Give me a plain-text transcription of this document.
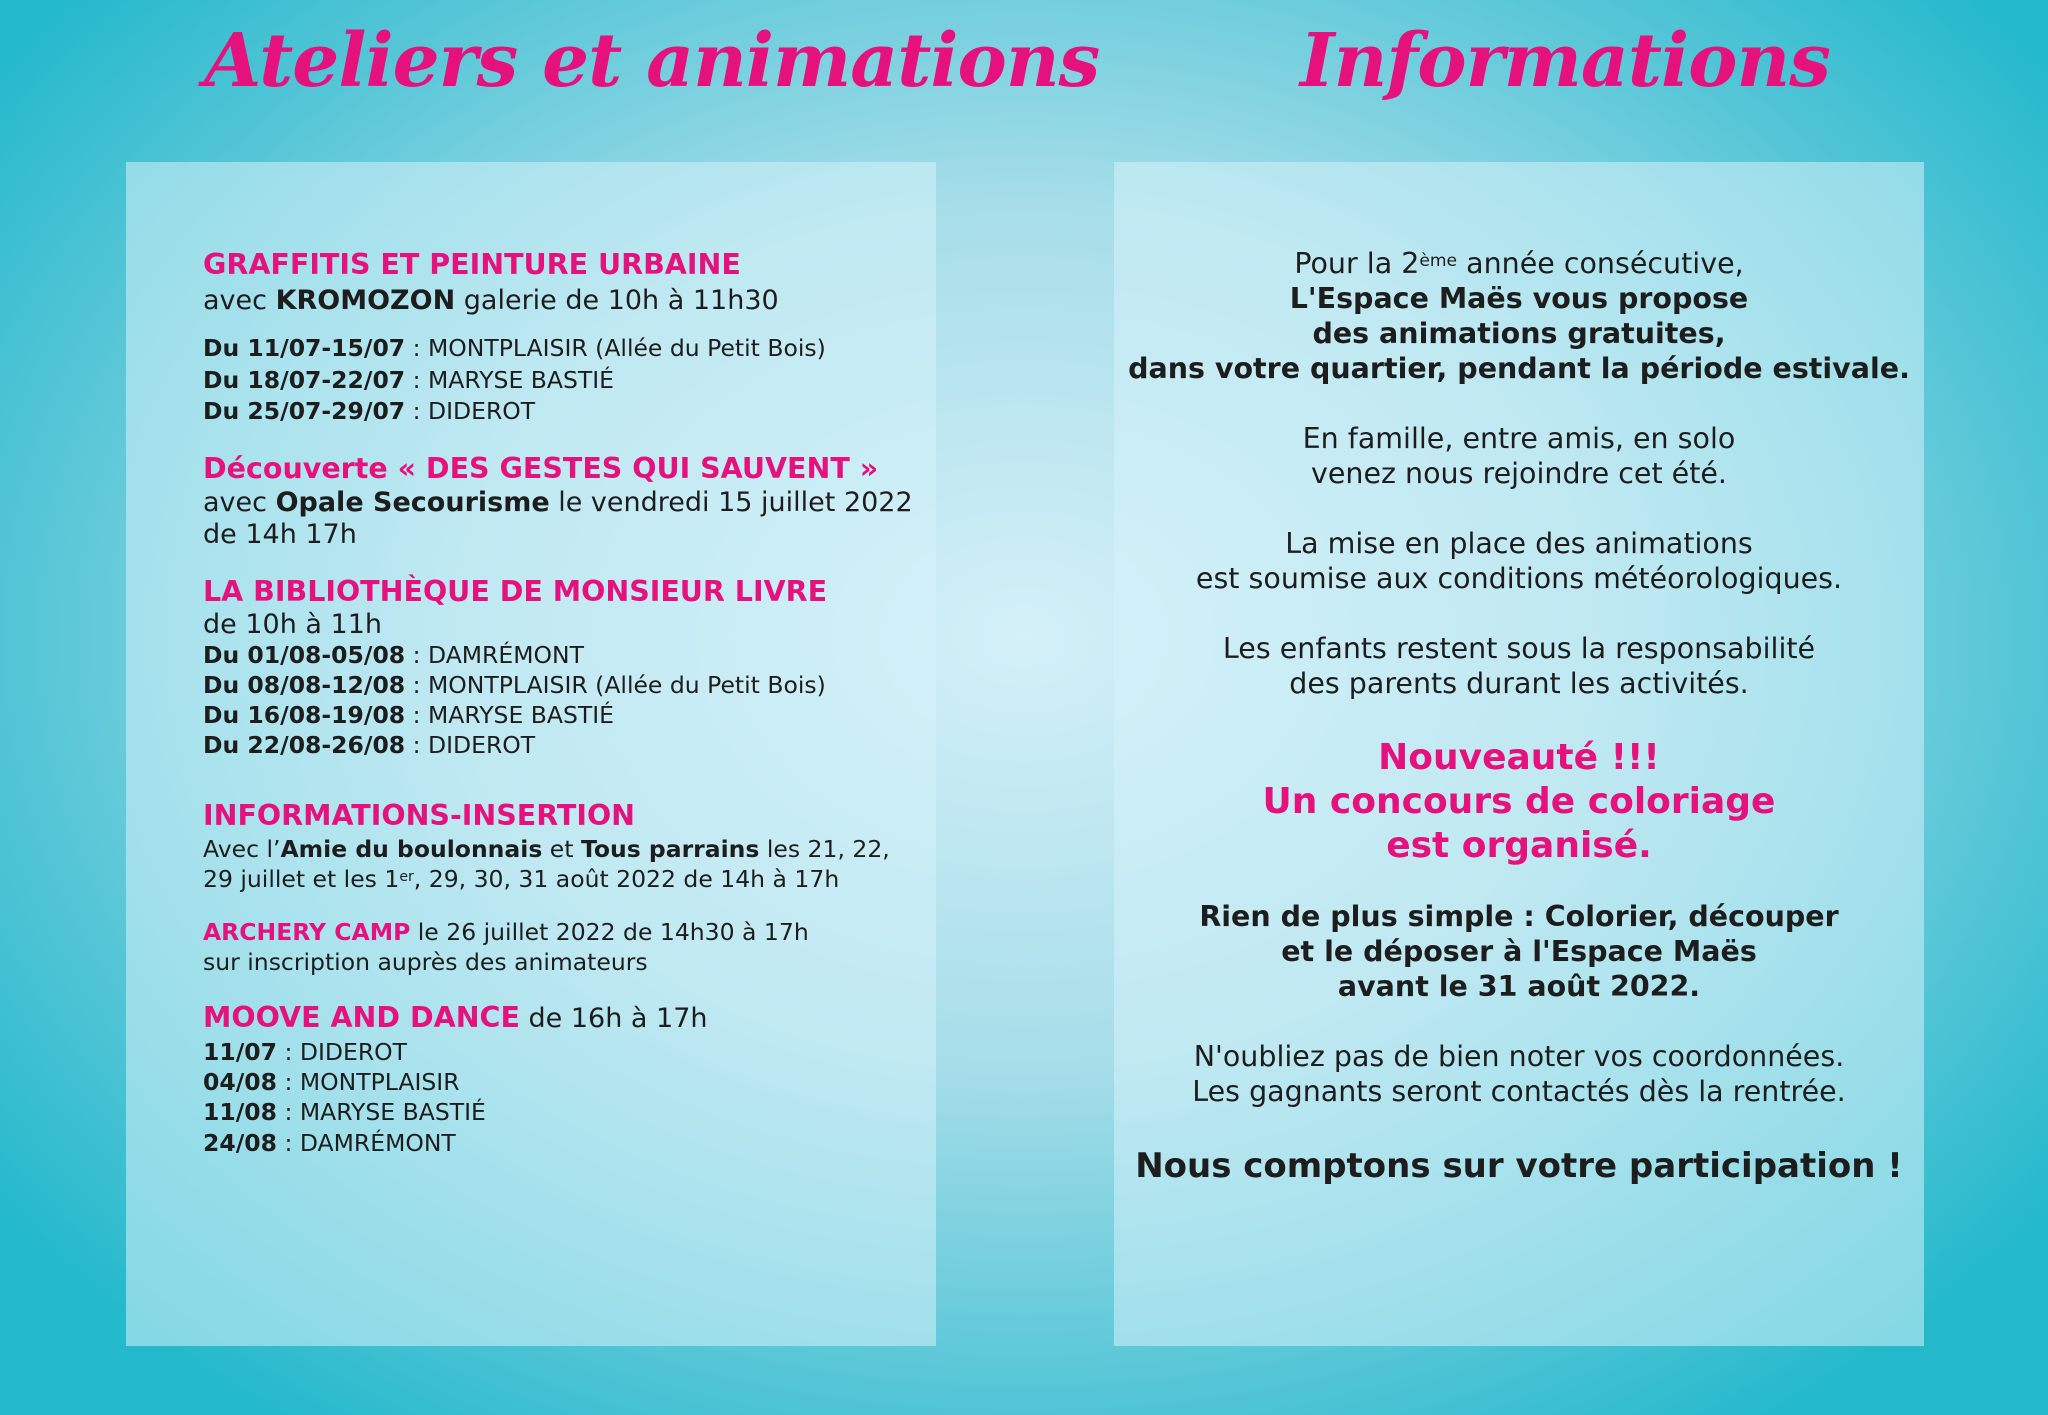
Ateliers et animations	Informations

GRAFFITIS ET PEINTURE URBAINE

avec KROMOZON galerie de 10h à 11h30

Du 11/07-15/07 : MONTPLAISIR (Allée du Petit Bois)

Du 18/07-22/07 : MARYSE BASTIÉ

Du 25/07-29/07 : DIDEROT

Découverte « DES GESTES QUI SAUVENT »

avec Opale Secourisme le vendredi 15 juillet 2022

de 14h 17h

LA BIBLIOTHÈQUE DE MONSIEUR LIVRE

de 10h à 11h

Du 01/08-05/08 : DAMRÉMONT

Du 08/08-12/08 : MONTPLAISIR (Allée du Petit Bois)

Du 16/08-19/08 : MARYSE BASTIÉ

Du 22/08-26/08 : DIDEROT

INFORMATIONS-INSERTION

Avec l’Amie du boulonnais et Tous parrains les 21, 22,

29 juillet et les 1er, 29, 30, 31 août 2022 de 14h à 17h

ARCHERY CAMP le 26 juillet 2022 de 14h30 à 17h

sur inscription auprès des animateurs

MOOVE AND DANCE de 16h à 17h

11/07 : DIDEROT

04/08 : MONTPLAISIR

11/08 : MARYSE BASTIÉ

24/08 : DAMRÉMONT

Pour la 2ème année consécutive,

L'Espace Maës vous propose

des animations gratuites,

dans votre quartier, pendant la période estivale.

En famille, entre amis, en solo

venez nous rejoindre cet été.

La mise en place des animations

est soumise aux conditions météorologiques.

Les enfants restent sous la responsabilité

des parents durant les activités.

Nouveauté !!!

Un concours de coloriage

est organisé.

Rien de plus simple : Colorier, découper

et le déposer à l'Espace Maës

avant le 31 août 2022.

N'oubliez pas de bien noter vos coordonnées.

Les gagnants seront contactés dès la rentrée.

Nous comptons sur votre participation !
